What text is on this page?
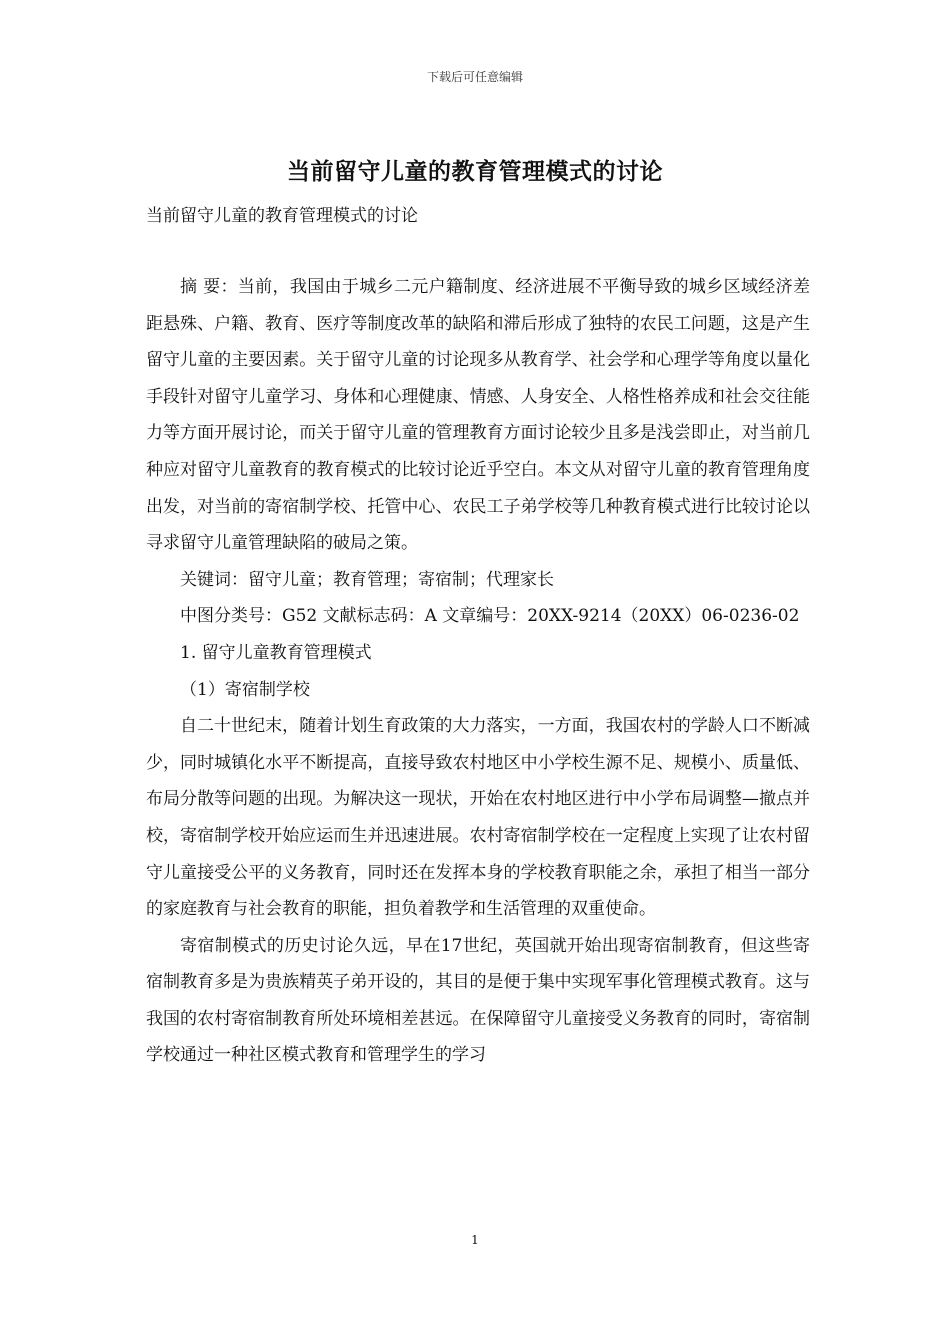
下载后可任意编辑
当前留守儿童的教育管理模式的讨论
当前留守儿童的教育管理模式的讨论

摘 要：当前，我国由于城乡二元户籍制度、经济进展不平衡导致的城乡区域经济差距悬殊、户籍、教育、医疗等制度改革的缺陷和滞后形成了独特的农民工问题，这是产生留守儿童的主要因素。关于留守儿童的讨论现多从教育学、社会学和心理学等角度以量化手段针对留守儿童学习、身体和心理健康、情感、人身安全、人格性格养成和社会交往能力等方面开展讨论，而关于留守儿童的管理教育方面讨论较少且多是浅尝即止，对当前几种应对留守儿童教育的教育模式的比较讨论近乎空白。本文从对留守儿童的教育管理角度出发，对当前的寄宿制学校、托管中心、农民工子弟学校等几种教育模式进行比较讨论以寻求留守儿童管理缺陷的破局之策。

关键词：留守儿童；教育管理；寄宿制；代理家长

中图分类号：G52 文献标志码：A 文章编号：20XX-9214（20XX）06-0236-02

1. 留守儿童教育管理模式

（1）寄宿制学校

自二十世纪末，随着计划生育政策的大力落实，一方面，我国农村的学龄人口不断减少，同时城镇化水平不断提高，直接导致农村地区中小学校生源不足、规模小、质量低、布局分散等问题的出现。为解决这一现状，开始在农村地区进行中小学布局调整—撤点并校，寄宿制学校开始应运而生并迅速进展。农村寄宿制学校在一定程度上实现了让农村留守儿童接受公平的义务教育，同时还在发挥本身的学校教育职能之余，承担了相当一部分的家庭教育与社会教育的职能，担负着教学和生活管理的双重使命。

寄宿制模式的历史讨论久远，早在17世纪，英国就开始出现寄宿制教育，但这些寄宿制教育多是为贵族精英子弟开设的，其目的是便于集中实现军事化管理模式教育。这与我国的农村寄宿制教育所处环境相差甚远。在保障留守儿童接受义务教育的同时，寄宿制学校通过一种社区模式教育和管理学生的学习

1
